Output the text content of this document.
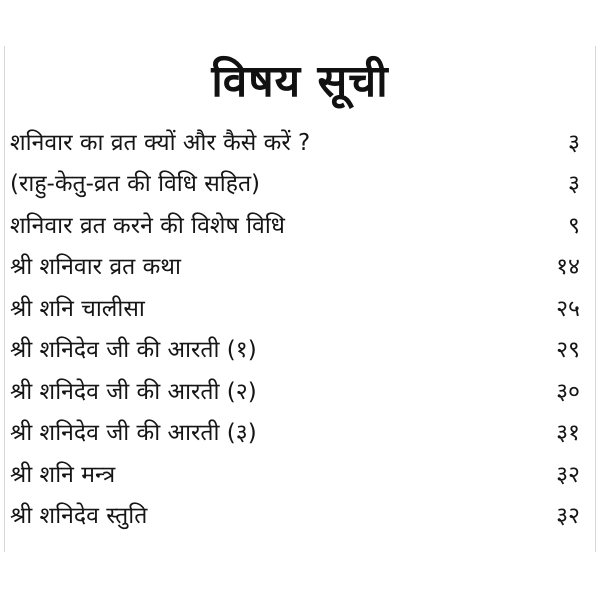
विषय सूची
शनिवार का व्रत क्यों और कैसे करें ?	३
(राहु-केतु-व्रत की विधि सहित)	३
शनिवार व्रत करने की विशेष विधि	९
श्री शनिवार व्रत कथा	१४
श्री शनि चालीसा	२५
श्री शनिदेव जी की आरती (१)	२९
श्री शनिदेव जी की आरती (२)	३०
श्री शनिदेव जी की आरती (३)	३१
श्री शनि मन्त्र	३२
श्री शनिदेव स्तुति	३२
